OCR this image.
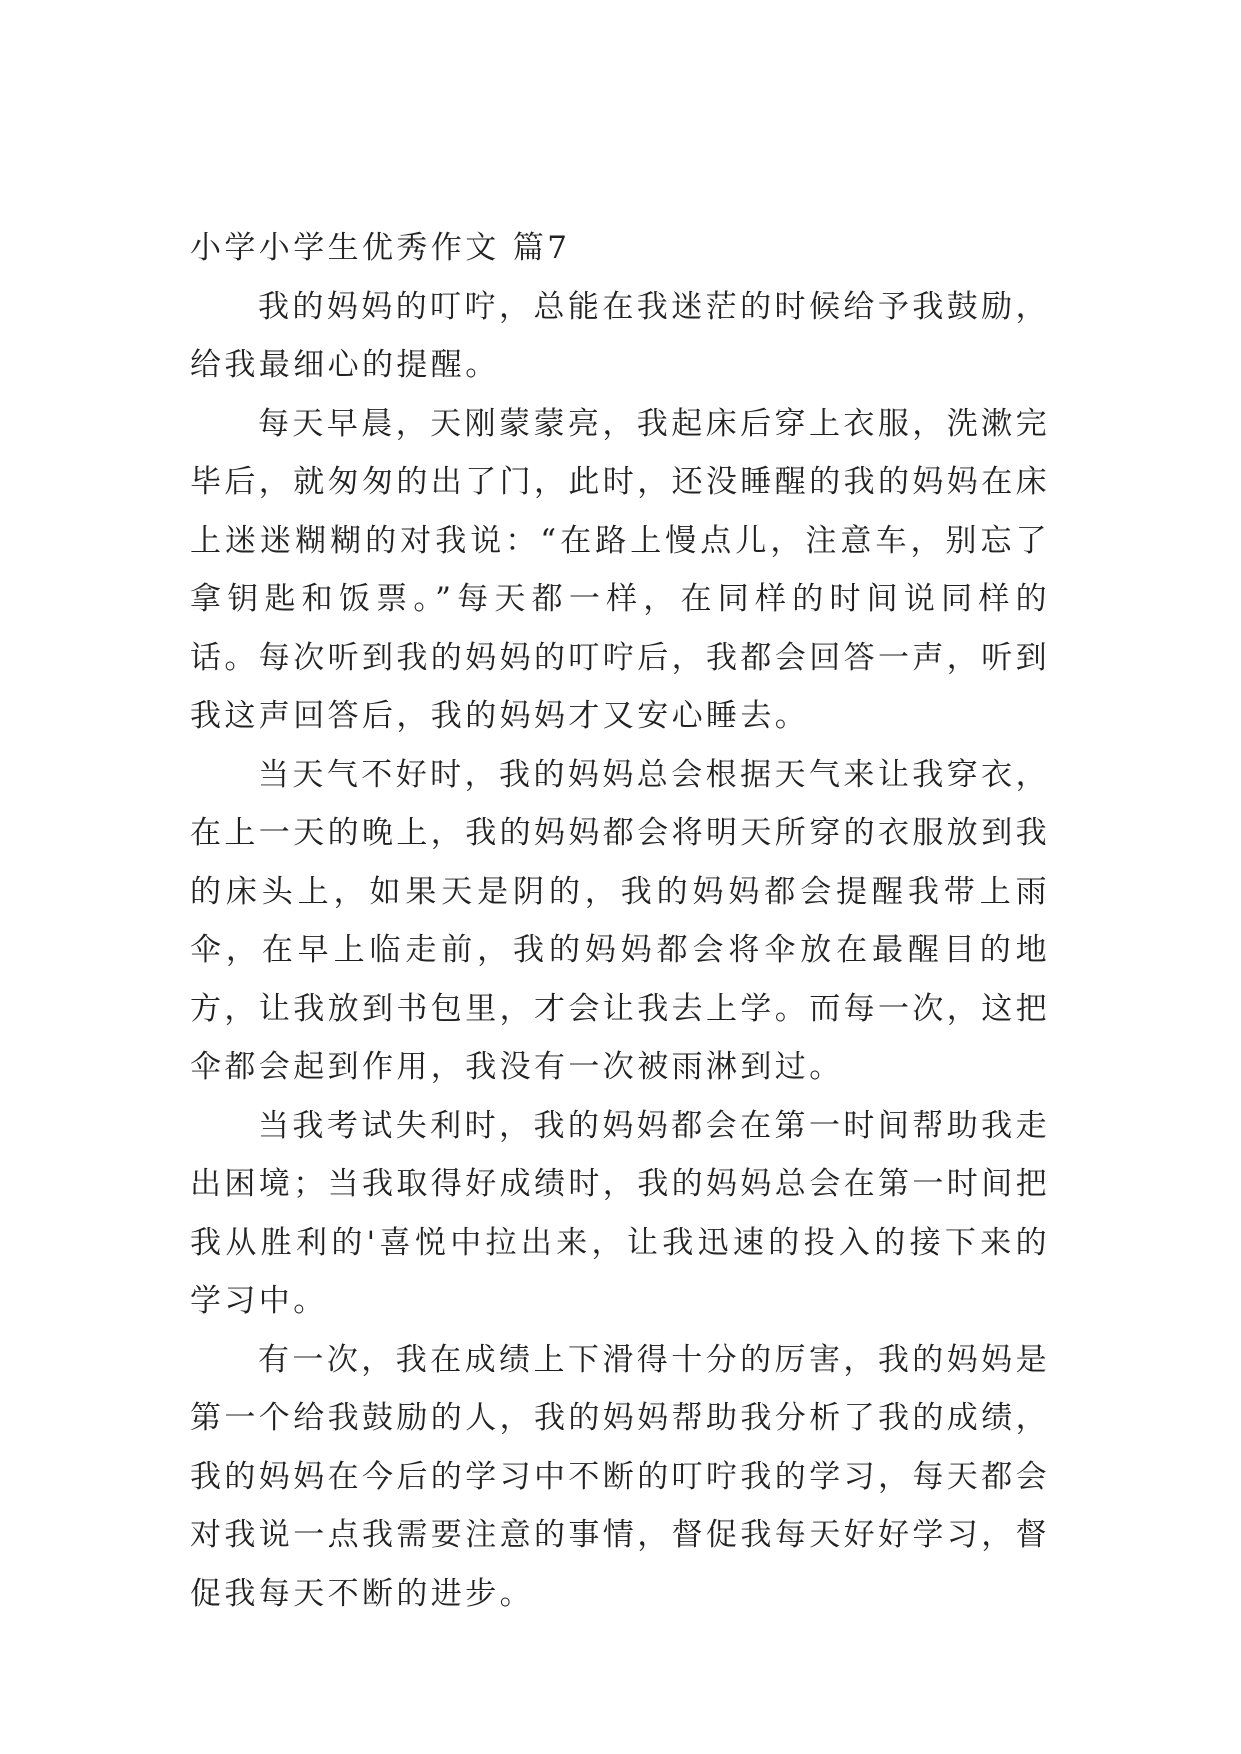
小学小学生优秀作文 篇7

我的妈妈的叮咛，总能在我迷茫的时候给予我鼓励，给我最细心的提醒。

每天早晨，天刚蒙蒙亮，我起床后穿上衣服，洗漱完毕后，就匆匆的出了门，此时，还没睡醒的我的妈妈在床上迷迷糊糊的对我说：“在路上慢点儿，注意车，别忘了拿钥匙和饭票。”每天都一样，在同样的时间说同样的话。每次听到我的妈妈的叮咛后，我都会回答一声，听到我这声回答后，我的妈妈才又安心睡去。

当天气不好时，我的妈妈总会根据天气来让我穿衣，在上一天的晚上，我的妈妈都会将明天所穿的衣服放到我的床头上，如果天是阴的，我的妈妈都会提醒我带上雨伞，在早上临走前，我的妈妈都会将伞放在最醒目的地方，让我放到书包里，才会让我去上学。而每一次，这把伞都会起到作用，我没有一次被雨淋到过。

当我考试失利时，我的妈妈都会在第一时间帮助我走出困境；当我取得好成绩时，我的妈妈总会在第一时间把我从胜利的'喜悦中拉出来，让我迅速的投入的接下来的学习中。

有一次，我在成绩上下滑得十分的厉害，我的妈妈是第一个给我鼓励的人，我的妈妈帮助我分析了我的成绩，我的妈妈在今后的学习中不断的叮咛我的学习，每天都会对我说一点我需要注意的事情，督促我每天好好学习，督促我每天不断的进步。
